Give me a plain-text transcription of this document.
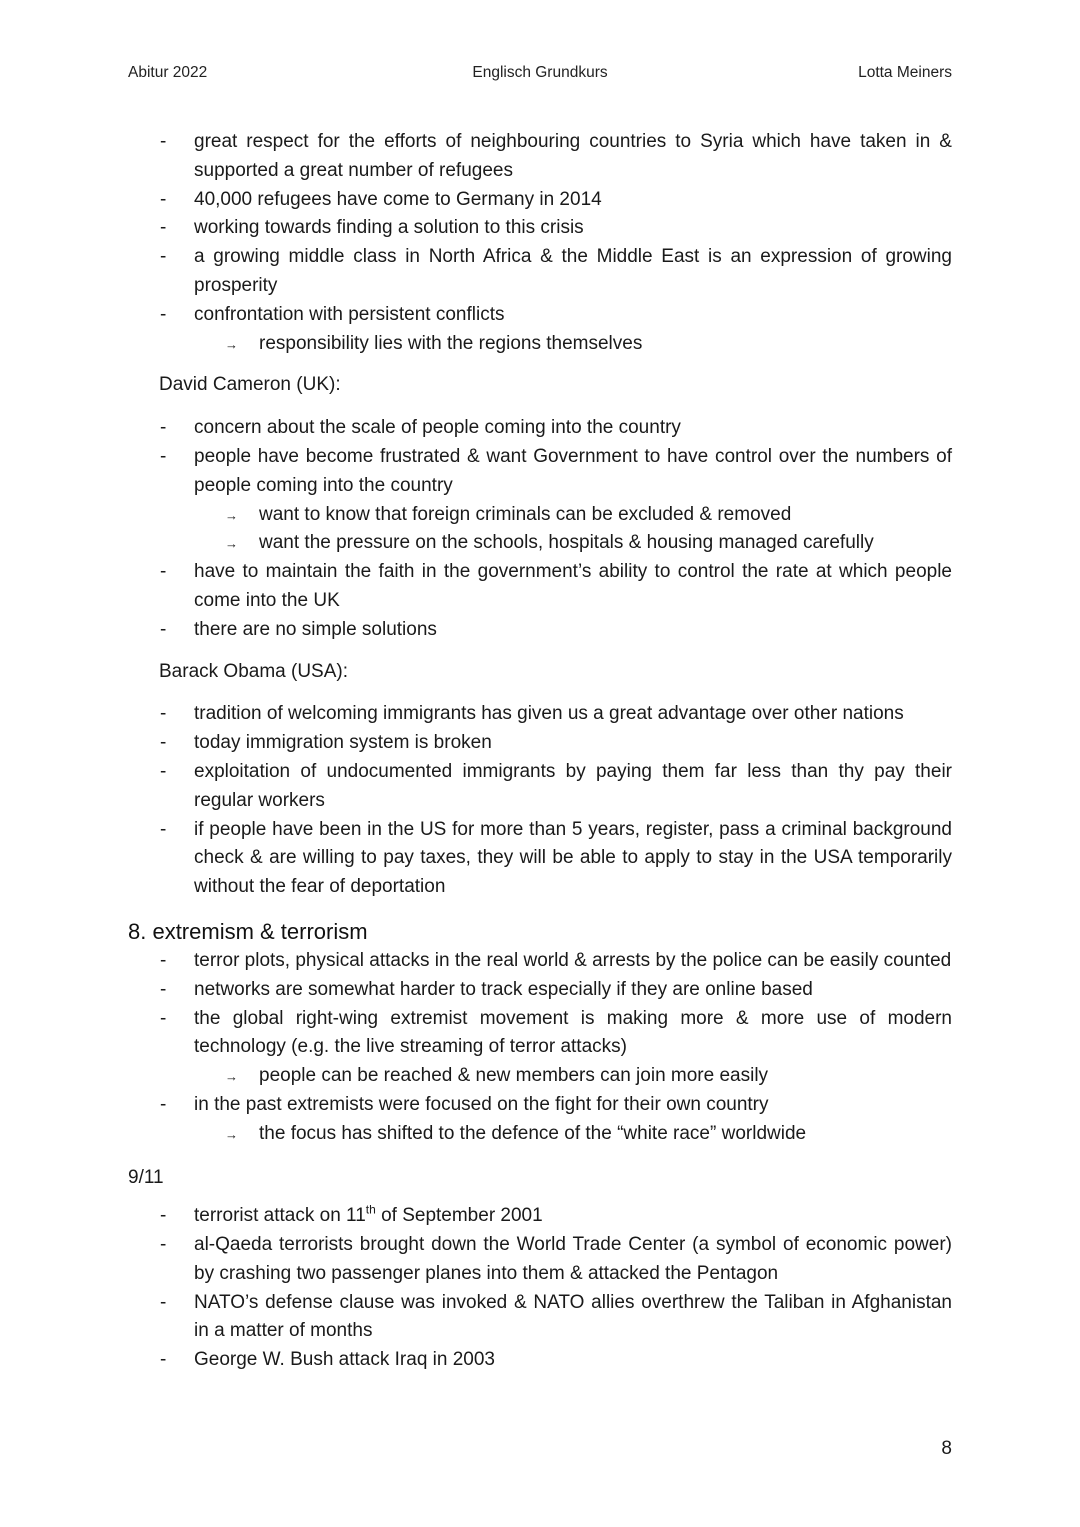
Abitur 2022	Englisch Grundkurs	Lotta Meiners
- great respect for the efforts of neighbouring countries to Syria which have taken in & supported a great number of refugees
- 40,000 refugees have come to Germany in 2014
- working towards finding a solution to this crisis
- a growing middle class in North Africa & the Middle East is an expression of growing prosperity
- confrontation with persistent conflicts
→ responsibility lies with the regions themselves
David Cameron (UK):
- concern about the scale of people coming into the country
- people have become frustrated & want Government to have control over the numbers of people coming into the country
→ want to know that foreign criminals can be excluded & removed
→ want the pressure on the schools, hospitals & housing managed carefully
- have to maintain the faith in the government’s ability to control the rate at which people come into the UK
- there are no simple solutions
Barack Obama (USA):
- tradition of welcoming immigrants has given us a great advantage over other nations
- today immigration system is broken
- exploitation of undocumented immigrants by paying them far less than thy pay their regular workers
- if people have been in the US for more than 5 years, register, pass a criminal background check & are willing to pay taxes, they will be able to apply to stay in the USA temporarily without the fear of deportation
8. extremism & terrorism
- terror plots, physical attacks in the real world & arrests by the police can be easily counted
- networks are somewhat harder to track especially if they are online based
- the global right-wing extremist movement is making more & more use of modern technology (e.g. the live streaming of terror attacks)
→ people can be reached & new members can join more easily
- in the past extremists were focused on the fight for their own country
→ the focus has shifted to the defence of the “white race” worldwide
9/11
- terrorist attack on 11th of September 2001
- al-Qaeda terrorists brought down the World Trade Center (a symbol of economic power) by crashing two passenger planes into them & attacked the Pentagon
- NATO’s defense clause was invoked & NATO allies overthrew the Taliban in Afghanistan in a matter of months
- George W. Bush attack Iraq in 2003
8
